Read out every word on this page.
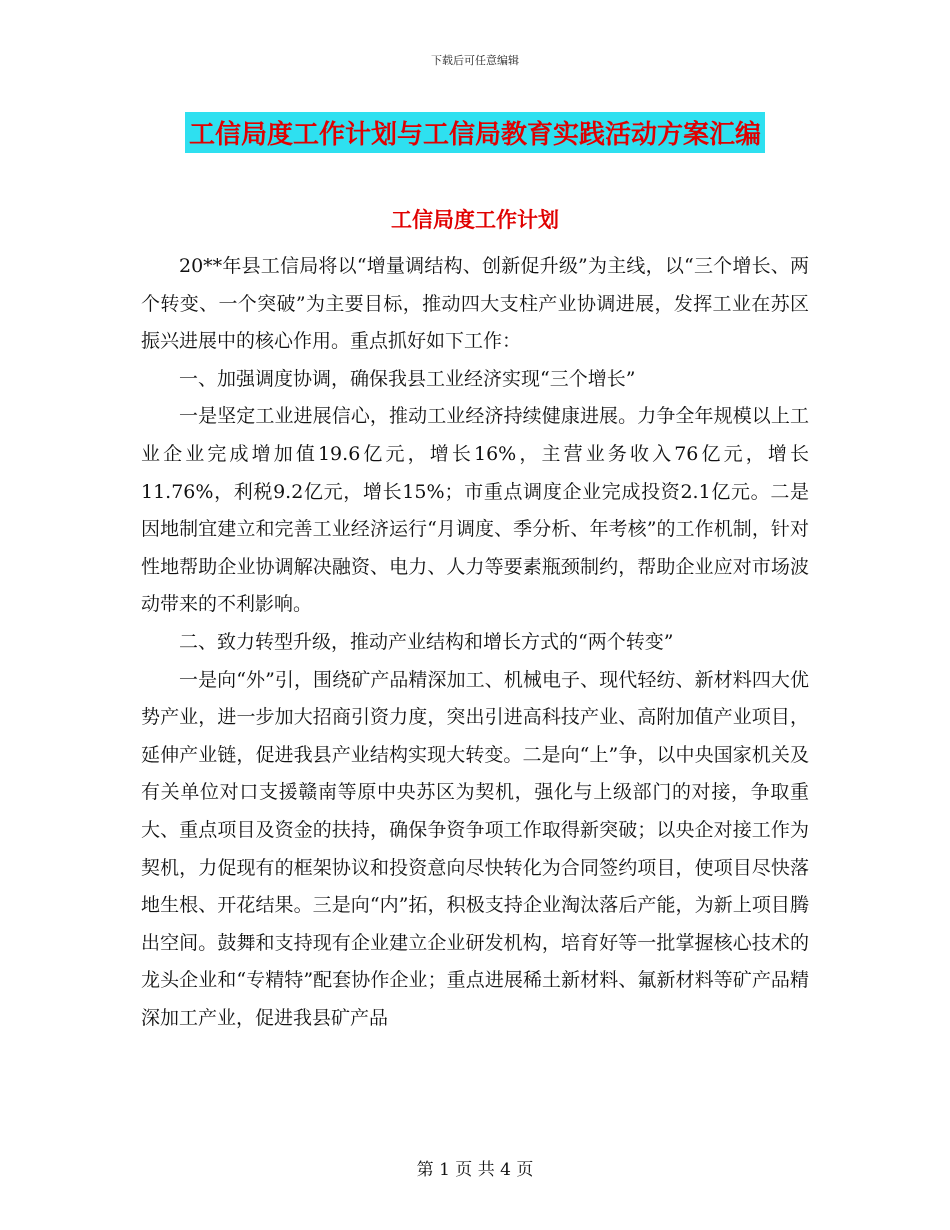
下载后可任意编辑
工信局度工作计划与工信局教育实践活动方案汇编
工信局度工作计划

20**年县工信局将以“增量调结构、创新促升级”为主线，以“三个增长、两个转变、一个突破”为主要目标，推动四大支柱产业协调进展，发挥工业在苏区振兴进展中的核心作用。重点抓好如下工作：

一、加强调度协调，确保我县工业经济实现“三个增长”

一是坚定工业进展信心，推动工业经济持续健康进展。力争全年规模以上工业企业完成增加值19.6亿元，增长16%，主营业务收入76亿元，增长11.76%，利税9.2亿元，增长15%；市重点调度企业完成投资2.1亿元。二是因地制宜建立和完善工业经济运行“月调度、季分析、年考核”的工作机制，针对性地帮助企业协调解决融资、电力、人力等要素瓶颈制约，帮助企业应对市场波动带来的不利影响。

二、致力转型升级，推动产业结构和增长方式的“两个转变”

一是向“外”引，围绕矿产品精深加工、机械电子、现代轻纺、新材料四大优势产业，进一步加大招商引资力度，突出引进高科技产业、高附加值产业项目，延伸产业链，促进我县产业结构实现大转变。二是向“上”争，以中央国家机关及有关单位对口支援赣南等原中央苏区为契机，强化与上级部门的对接，争取重大、重点项目及资金的扶持，确保争资争项工作取得新突破；以央企对接工作为契机，力促现有的框架协议和投资意向尽快转化为合同签约项目，使项目尽快落地生根、开花结果。三是向“内”拓，积极支持企业淘汰落后产能，为新上项目腾出空间。鼓舞和支持现有企业建立企业研发机构，培育好等一批掌握核心技术的龙头企业和“专精特”配套协作企业；重点进展稀土新材料、氟新材料等矿产品精深加工产业，促进我县矿产品

第 1 页 共 4 页
